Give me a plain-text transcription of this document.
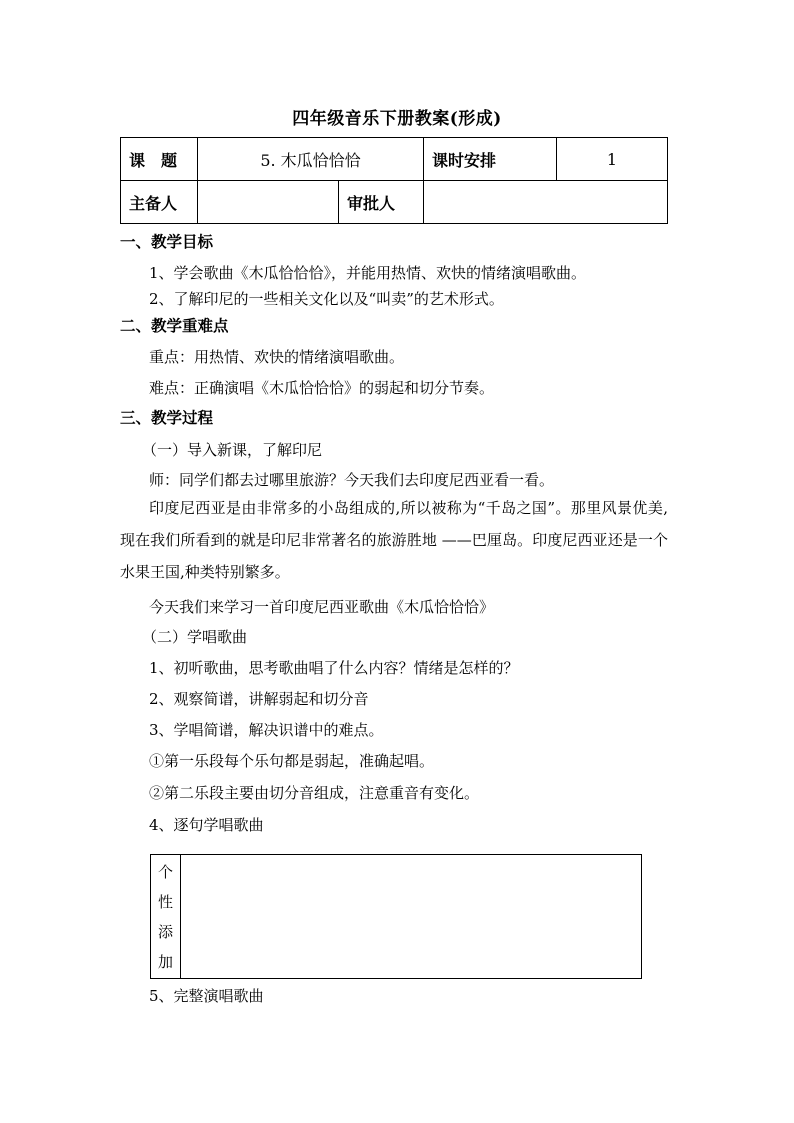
四年级音乐下册教案(形成)
课　题	5. 木瓜恰恰恰		课时安排	1
主备人		审批人		
一、教学目标
1、学会歌曲《木瓜恰恰恰》，并能用热情、欢快的情绪演唱歌曲。
2、了解印尼的一些相关文化以及“叫卖”的艺术形式。
二、教学重难点
重点：用热情、欢快的情绪演唱歌曲。
难点：正确演唱《木瓜恰恰恰》的弱起和切分节奏。
三、教学过程
（一）导入新课，了解印尼
师：同学们都去过哪里旅游？今天我们去印度尼西亚看一看。
印度尼西亚是由非常多的小岛组成的,所以被称为“千岛之国”。那里风景优美,现在我们所看到的就是印尼非常著名的旅游胜地 ——巴厘岛。印度尼西亚还是一个水果王国,种类特别繁多。
今天我们来学习一首印度尼西亚歌曲《木瓜恰恰恰》
（二）学唱歌曲
1、初听歌曲，思考歌曲唱了什么内容？情绪是怎样的？
2、观察简谱，讲解弱起和切分音
3、学唱简谱，解决识谱中的难点。
①第一乐段每个乐句都是弱起，准确起唱。
②第二乐段主要由切分音组成，注意重音有变化。
4、逐句学唱歌曲
5、完整演唱歌曲
个
性
添
加
